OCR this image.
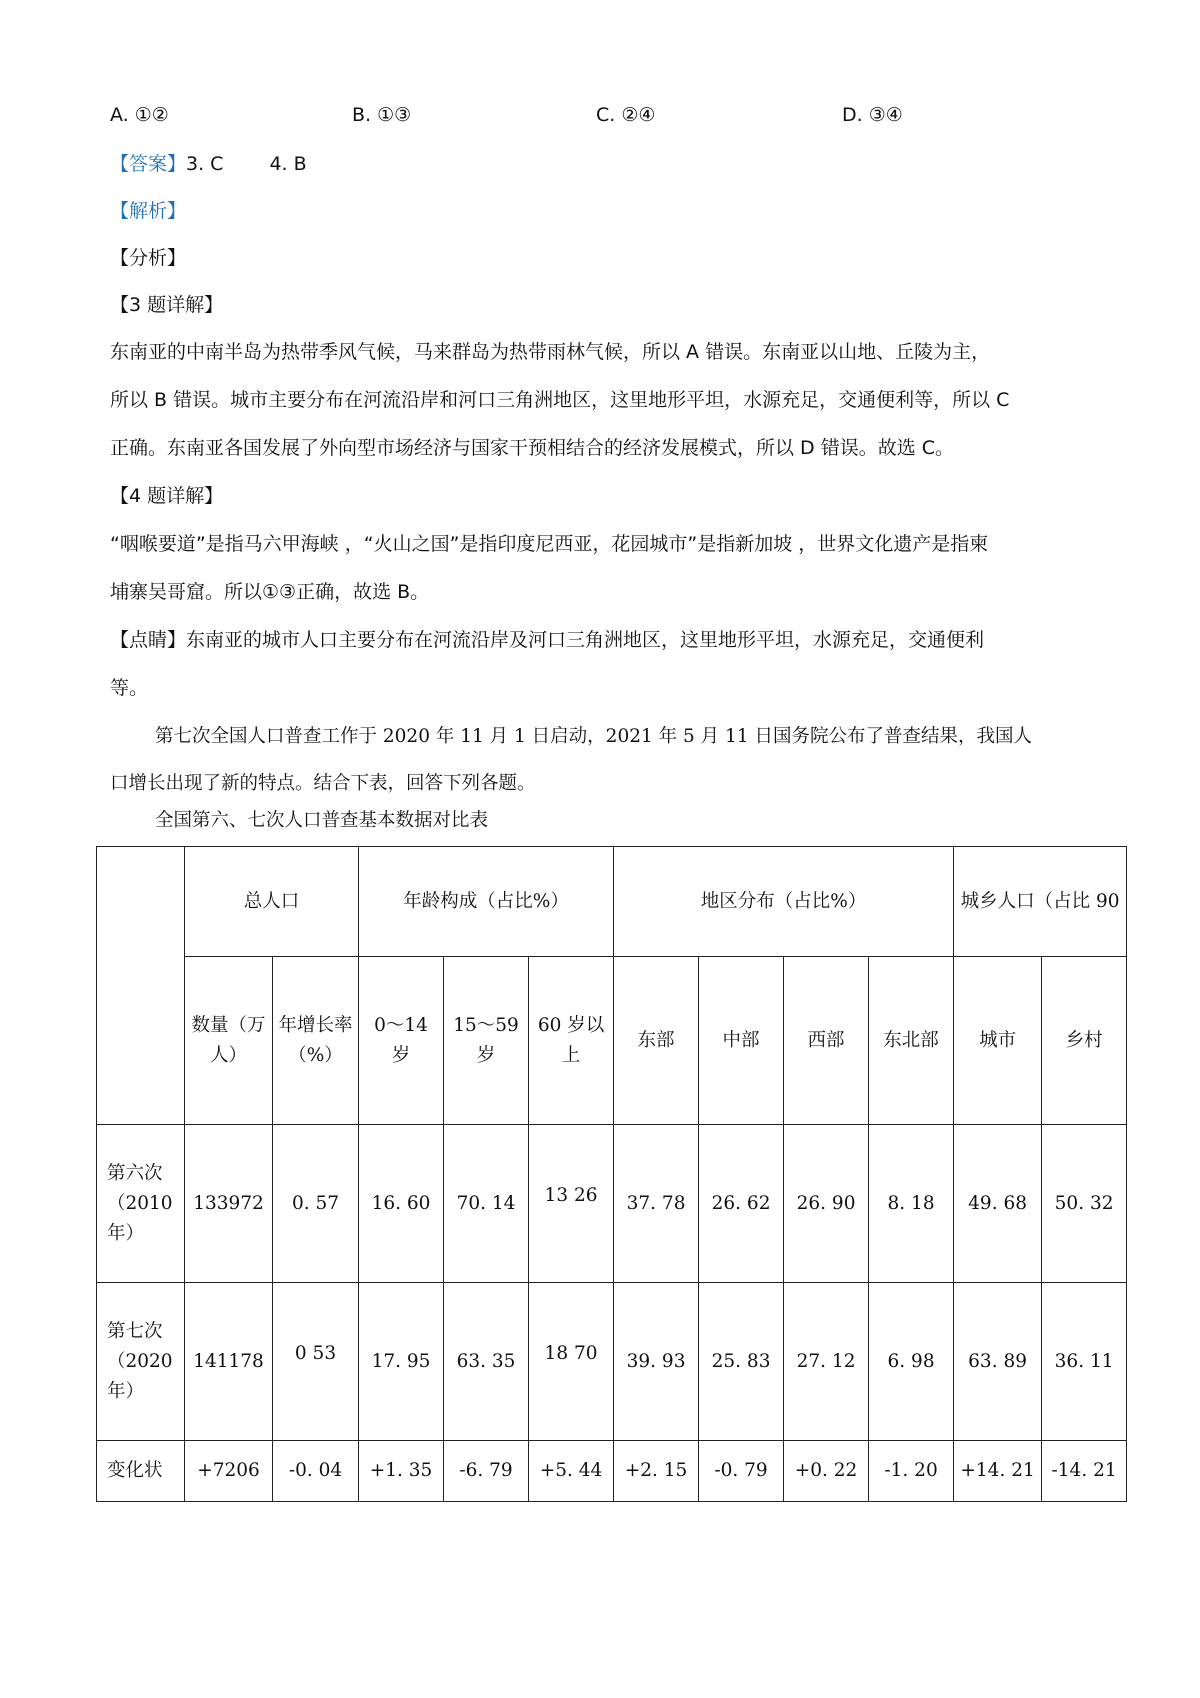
A. ①②	B. ①③	C. ②④	D. ③④
【答案】3. C 4. B
【解析】
【分析】
【3 题详解】
东南亚的中南半岛为热带季风气候，马来群岛为热带雨林气候，所以 A 错误。东南亚以山地、丘陵为主，
所以 B 错误。城市主要分布在河流沿岸和河口三角洲地区，这里地形平坦，水源充足，交通便利等，所以 C
正确。东南亚各国发展了外向型市场经济与国家干预相结合的经济发展模式，所以 D 错误。故选 C。
【4 题详解】
“咽喉要道”是指马六甲海峡 ，“火山之国”是指印度尼西亚，花园城市”是指新加坡 ，世界文化遗产是指柬
埔寨吴哥窟。所以①③正确，故选 B。
【点睛】东南亚的城市人口主要分布在河流沿岸及河口三角洲地区，这里地形平坦，水源充足，交通便利
等。
第七次全国人口普查工作于 2020 年 11 月 1 日启动，2021 年 5 月 11 日国务院公布了普查结果，我国人
口增长出现了新的特点。结合下表，回答下列各题。
全国第六、七次人口普查基本数据对比表
	总人口		年龄构成（占比%）			地区分布（占比%）				城乡人口（占比 90	
	数量（万人）	年增长率（%）	0～14 岁	15～59 岁	60 岁以上	东部	中部	西部	东北部	城市	乡村
第六次（2010 年）	133972	0. 57	16. 60	70. 14	13 26	37. 78	26. 62	26. 90	8. 18	49. 68	50. 32
第七次（2020 年）	141178	0 53	17. 95	63. 35	18 70	39. 93	25. 83	27. 12	6. 98	63. 89	36. 11
变化状	+7206	-0. 04	+1. 35	-6. 79	+5. 44	+2. 15	-0. 79	+0. 22	-1. 20	+14. 21	-14. 21
